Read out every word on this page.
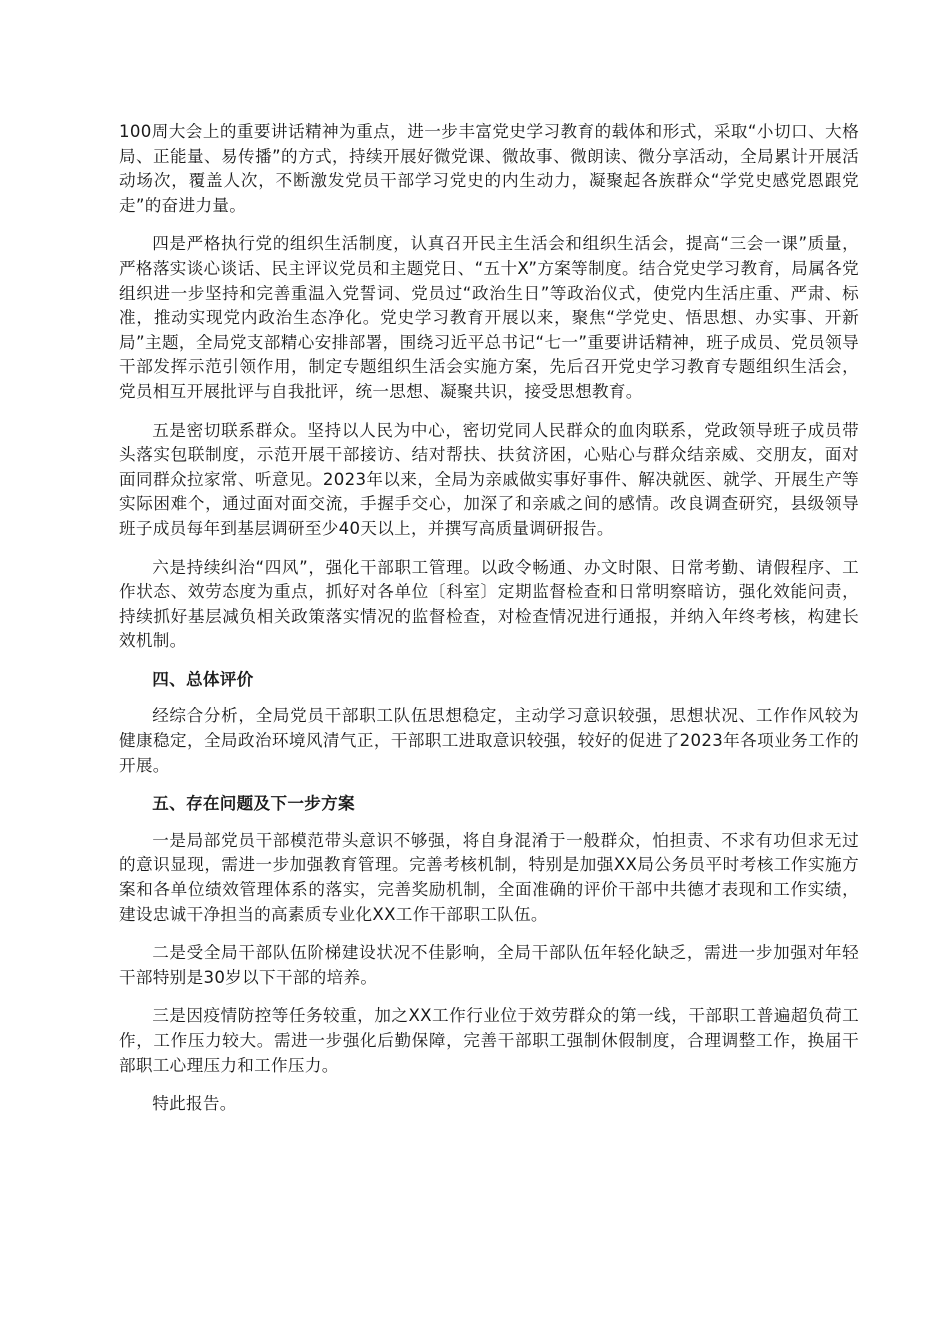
100周大会上的重要讲话精神为重点，进一步丰富党史学习教育的载体和形式，采取“小切口、大格局、正能量、易传播”的方式，持续开展好微党课、微故事、微朗读、微分享活动，全局累计开展活动场次，覆盖人次，不断激发党员干部学习党史的内生动力，凝聚起各族群众“学党史感党恩跟党走”的奋进力量。

四是严格执行党的组织生活制度，认真召开民主生活会和组织生活会，提高“三会一课”质量，严格落实谈心谈话、民主评议党员和主题党日、“五十X”方案等制度。结合党史学习教育，局属各党组织进一步坚持和完善重温入党誓词、党员过“政治生日”等政治仪式，使党内生活庄重、严肃、标准，推动实现党内政治生态净化。党史学习教育开展以来，聚焦“学党史、悟思想、办实事、开新局”主题，全局党支部精心安排部署，围绕习近平总书记“七一”重要讲话精神，班子成员、党员领导干部发挥示范引领作用，制定专题组织生活会实施方案，先后召开党史学习教育专题组织生活会，党员相互开展批评与自我批评，统一思想、凝聚共识，接受思想教育。

五是密切联系群众。坚持以人民为中心，密切党同人民群众的血肉联系，党政领导班子成员带头落实包联制度，示范开展干部接访、结对帮扶、扶贫济困，心贴心与群众结亲威、交朋友，面对面同群众拉家常、听意见。2023年以来，全局为亲戚做实事好事件、解决就医、就学、开展生产等实际困难个，通过面对面交流，手握手交心，加深了和亲戚之间的感情。改良调查研究，县级领导班子成员每年到基层调研至少40天以上，并撰写高质量调研报告。

六是持续纠治“四风”，强化干部职工管理。以政令畅通、办文时限、日常考勤、请假程序、工作状态、效劳态度为重点，抓好对各单位〔科室〕定期监督检查和日常明察暗访，强化效能问责，持续抓好基层减负相关政策落实情况的监督检查，对检查情况进行通报，并纳入年终考核，构建长效机制。

四、总体评价

经综合分析，全局党员干部职工队伍思想稳定，主动学习意识较强，思想状况、工作作风较为健康稳定，全局政治环境风清气正，干部职工进取意识较强，较好的促进了2023年各项业务工作的开展。

五、存在问题及下一步方案

一是局部党员干部模范带头意识不够强，将自身混淆于一般群众，怕担责、不求有功但求无过的意识显现，需进一步加强教育管理。完善考核机制，特别是加强XX局公务员平时考核工作实施方案和各单位绩效管理体系的落实，完善奖励机制，全面准确的评价干部中共德才表现和工作实绩，建设忠诚干净担当的高素质专业化XX工作干部职工队伍。

二是受全局干部队伍阶梯建设状况不佳影响，全局干部队伍年轻化缺乏，需进一步加强对年轻干部特别是30岁以下干部的培养。

三是因疫情防控等任务较重，加之XX工作行业位于效劳群众的第一线，干部职工普遍超负荷工作，工作压力较大。需进一步强化后勤保障，完善干部职工强制休假制度，合理调整工作，换届干部职工心理压力和工作压力。

特此报告。
